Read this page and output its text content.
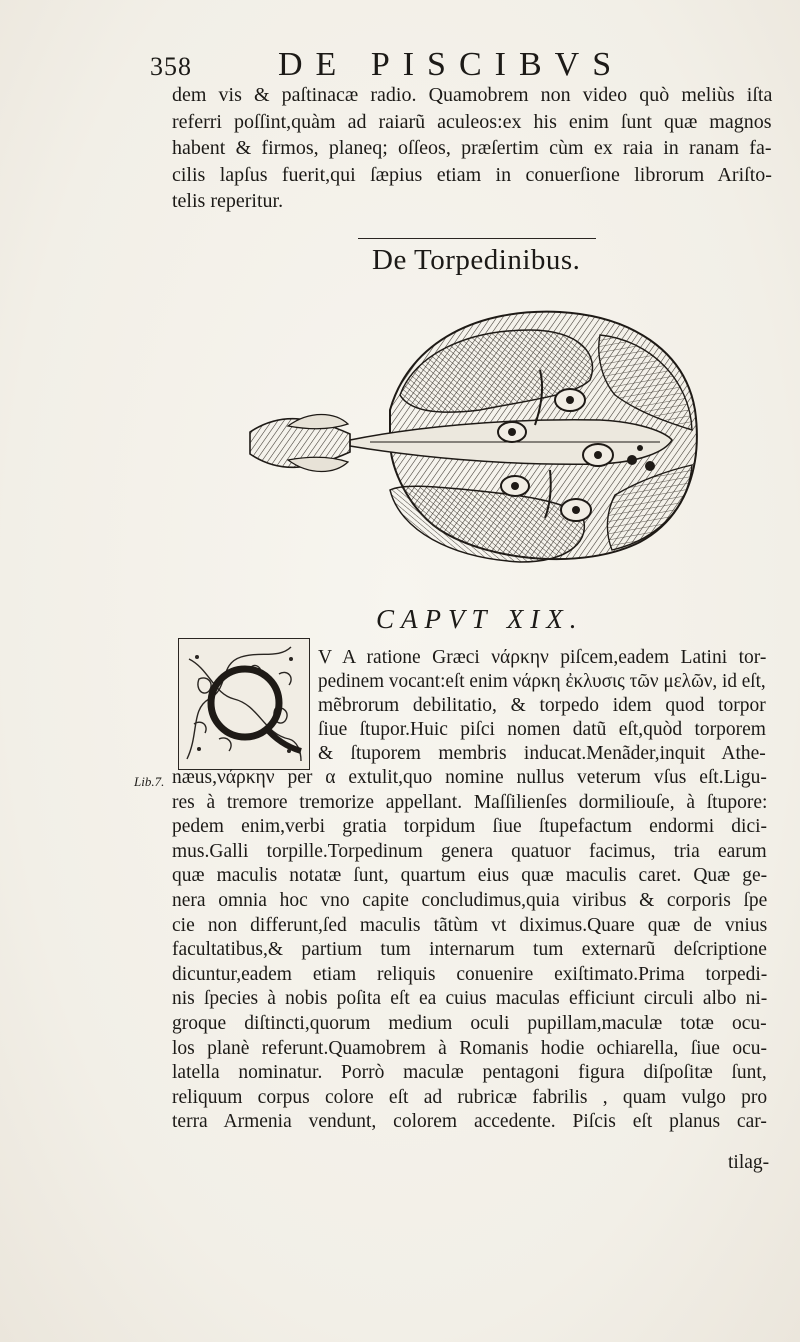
358	DE PISCIBVS
dem vis & paſtinacæ radio. Quamobrem non video quò meliùs iſta
referri poſſint,quàm ad raiarũ aculeos:ex his enim ſunt quæ magnos
habent & firmos, planeq; oſſeos, præſertim cùm ex raia in ranam fa-
cilis lapſus fuerit,qui ſæpius etiam in conuerſione librorum Ariſto-
telis reperitur.
De Torpedinibus.
CAPVT XIX.
V A ratione Græci νάρκην piſcem,eadem Latini tor-
pedinem vocant:eſt enim νάρκη ἐκλυσις τῶν μελῶν, id eſt,
mẽbrorum debilitatio, & torpedo idem quod torpor
ſiue ſtupor.Huic piſci nomen datũ eſt,quòd torporem
& ſtuporem membris inducat.Menãder,inquit Athe-
Lib.7. næus,νάρκην per α extulit,quo nomine nullus veterum vſus eſt.Ligu-
res à tremore tremorize appellant. Maſſilienſes dormiliouſe, à ſtupore:
pedem enim,verbi gratia torpidum ſiue ſtupefactum endormi dici-
mus.Galli torpille.Torpedinum genera quatuor facimus, tria earum
quæ maculis notatæ ſunt, quartum eius quæ maculis caret. Quæ ge-
nera omnia hoc vno capite concludimus,quia viribus & corporis ſpe
cie non differunt,ſed maculis tãtùm vt diximus.Quare quæ de vnius
facultatibus,& partium tum internarum tum externarũ deſcriptione
dicuntur,eadem etiam reliquis conuenire exiſtimato.Prima torpedi-
nis ſpecies à nobis poſita eſt ea cuius maculas efficiunt circuli albo ni-
groque diſtincti,quorum medium oculi pupillam,maculæ totæ ocu-
los planè referunt.Quamobrem à Romanis hodie ochiarella, ſiue ocu-
latella nominatur. Porrò maculæ pentagoni figura diſpoſitæ ſunt,
reliquum corpus colore eſt ad rubricæ fabrilis , quam vulgo pro
terra Armenia vendunt, colorem accedente. Piſcis eſt planus car-
tilag-
